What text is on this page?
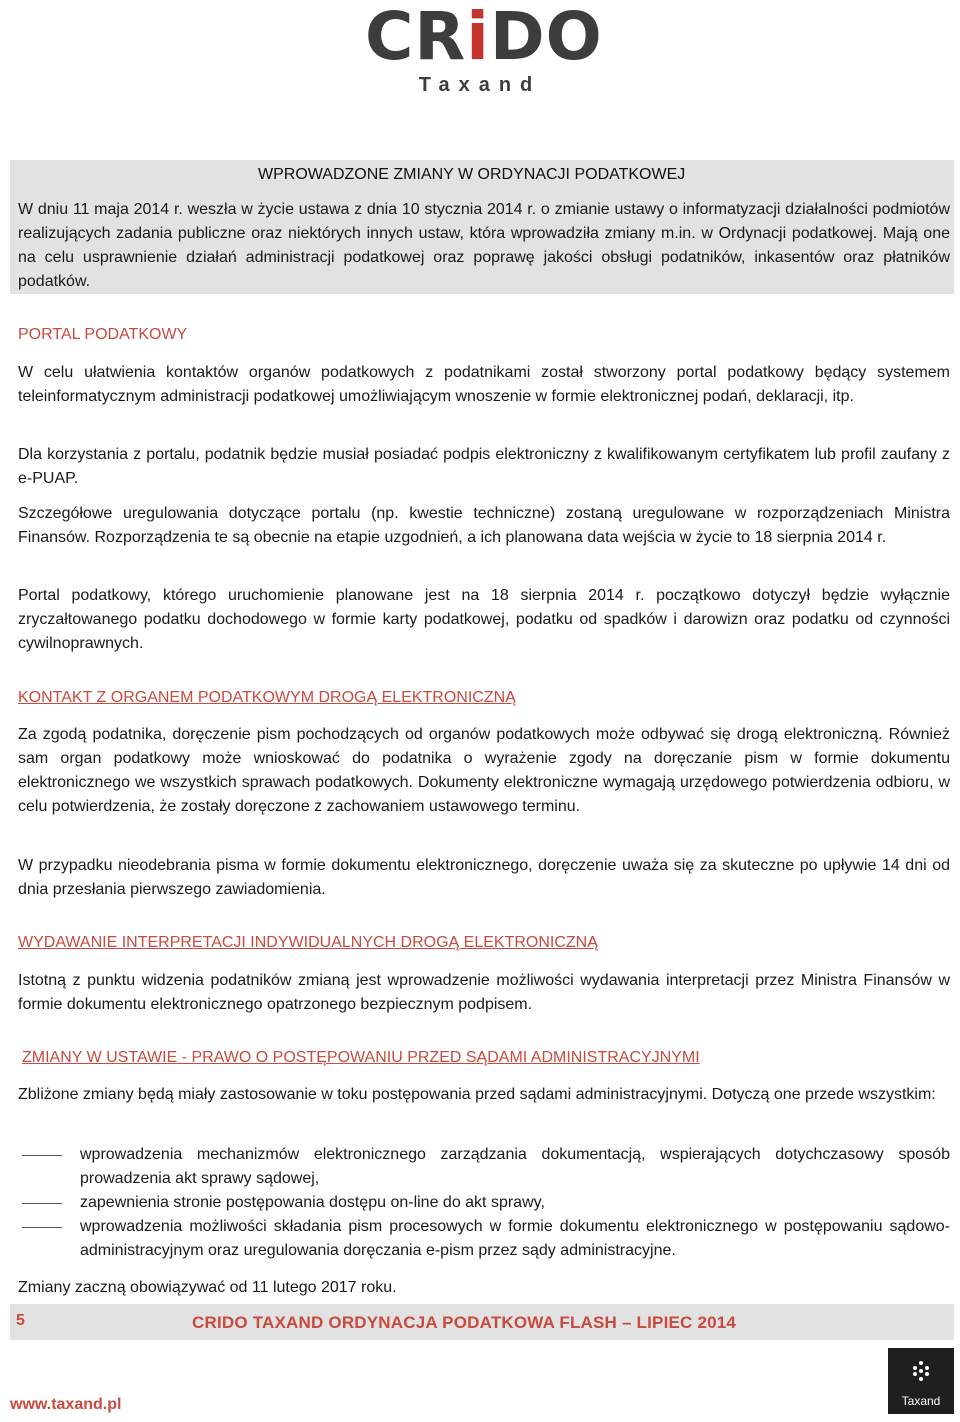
CRiDO
Taxand
WPROWADZONE ZMIANY W ORDYNACJI PODATKOWEJ

W dniu 11 maja 2014 r. weszła w życie ustawa z dnia 10 stycznia 2014 r. o zmianie ustawy o informatyzacji działalności podmiotów realizujących zadania publiczne oraz niektórych innych ustaw, która wprowadziła zmiany m.in. w Ordynacji podatkowej. Mają one na celu usprawnienie działań administracji podatkowej oraz poprawę jakości obsługi podatników, inkasentów oraz płatników podatków.

PORTAL PODATKOWY

W celu ułatwienia kontaktów organów podatkowych z podatnikami został stworzony portal podatkowy będący systemem teleinformatycznym administracji podatkowej umożliwiającym wnoszenie w formie elektronicznej podań, deklaracji, itp.

Dla korzystania z portalu, podatnik będzie musiał posiadać podpis elektroniczny z kwalifikowanym certyfikatem lub profil zaufany z e-PUAP.

Szczegółowe uregulowania dotyczące portalu (np. kwestie techniczne) zostaną uregulowane w rozporządzeniach Ministra Finansów. Rozporządzenia te są obecnie na etapie uzgodnień, a ich planowana data wejścia w życie to 18 sierpnia 2014 r.

Portal podatkowy, którego uruchomienie planowane jest na 18 sierpnia 2014 r. początkowo dotyczył będzie wyłącznie zryczałtowanego podatku dochodowego w formie karty podatkowej, podatku od spadków i darowizn oraz podatku od czynności cywilnoprawnych.

KONTAKT Z ORGANEM PODATKOWYM DROGĄ ELEKTRONICZNĄ

Za zgodą podatnika, doręczenie pism pochodzących od organów podatkowych może odbywać się drogą elektroniczną. Również sam organ podatkowy może wnioskować do podatnika o wyrażenie zgody na doręczanie pism w formie dokumentu elektronicznego we wszystkich sprawach podatkowych. Dokumenty elektroniczne wymagają urzędowego potwierdzenia odbioru, w celu potwierdzenia, że zostały doręczone z zachowaniem ustawowego terminu.

W przypadku nieodebrania pisma w formie dokumentu elektronicznego, doręczenie uważa się za skuteczne po upływie 14 dni od dnia przesłania pierwszego zawiadomienia.

WYDAWANIE INTERPRETACJI INDYWIDUALNYCH DROGĄ ELEKTRONICZNĄ

Istotną z punktu widzenia podatników zmianą jest wprowadzenie możliwości wydawania interpretacji przez Ministra Finansów w formie dokumentu elektronicznego opatrzonego bezpiecznym podpisem.

ZMIANY W USTAWIE - PRAWO O POSTĘPOWANIU PRZED SĄDAMI ADMINISTRACYJNYMI

Zbliżone zmiany będą miały zastosowanie w toku postępowania przed sądami administracyjnymi. Dotyczą one przede wszystkim:

wprowadzenia mechanizmów elektronicznego zarządzania dokumentacją, wspierających dotychczasowy sposób prowadzenia akt sprawy sądowej,
zapewnienia stronie postępowania dostępu on-line do akt sprawy,
wprowadzenia możliwości składania pism procesowych w formie dokumentu elektronicznego w postępowaniu sądowo-administracyjnym oraz uregulowania doręczania e-pism przez sądy administracyjne.

Zmiany zaczną obowiązywać od 11 lutego 2017 roku.

5	CRIDO TAXAND ORDYNACJA PODATKOWA FLASH – LIPIEC 2014
www.taxand.pl	Taxand
